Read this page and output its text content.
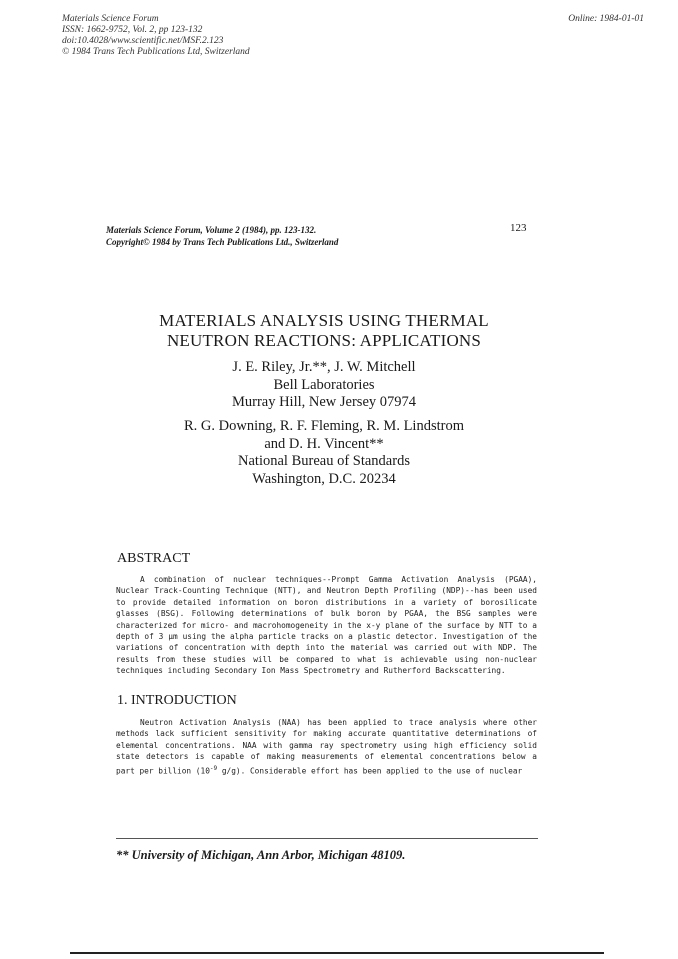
Materials Science Forum
ISSN: 1662-9752, Vol. 2, pp 123-132
doi:10.4028/www.scientific.net/MSF.2.123
© 1984 Trans Tech Publications Ltd, Switzerland
Online: 1984-01-01
Materials Science Forum, Volume 2 (1984), pp. 123-132.
Copyright© 1984 by Trans Tech Publications Ltd., Switzerland
123
MATERIALS ANALYSIS USING THERMAL
NEUTRON REACTIONS: APPLICATIONS
J. E. Riley, Jr.**, J. W. Mitchell
Bell Laboratories
Murray Hill, New Jersey 07974
R. G. Downing, R. F. Fleming, R. M. Lindstrom
and D. H. Vincent**
National Bureau of Standards
Washington, D.C. 20234
ABSTRACT

A combination of nuclear techniques--Prompt Gamma Activation Analysis (PGAA), Nuclear Track-Counting Technique (NTT), and Neutron Depth Profiling (NDP)--has been used to provide detailed information on boron distributions in a variety of borosilicate glasses (BSG). Following determinations of bulk boron by PGAA, the BSG samples were characterized for micro- and macrohomogeneity in the x-y plane of the surface by NTT to a depth of 3 μm using the alpha particle tracks on a plastic detector. Investigation of the variations of concentration with depth into the material was carried out with NDP. The results from these studies will be compared to what is achievable using non-nuclear techniques including Secondary Ion Mass Spectrometry and Rutherford Backscattering.

1. INTRODUCTION

Neutron Activation Analysis (NAA) has been applied to trace analysis where other methods lack sufficient sensitivity for making accurate quantitative determinations of elemental concentrations. NAA with gamma ray spectrometry using high efficiency solid state detectors is capable of making measurements of elemental concentrations below a part per billion ($10^{-9}$ g/g). Considerable effort has been applied to the use of nuclear

** University of Michigan, Ann Arbor, Michigan 48109.
